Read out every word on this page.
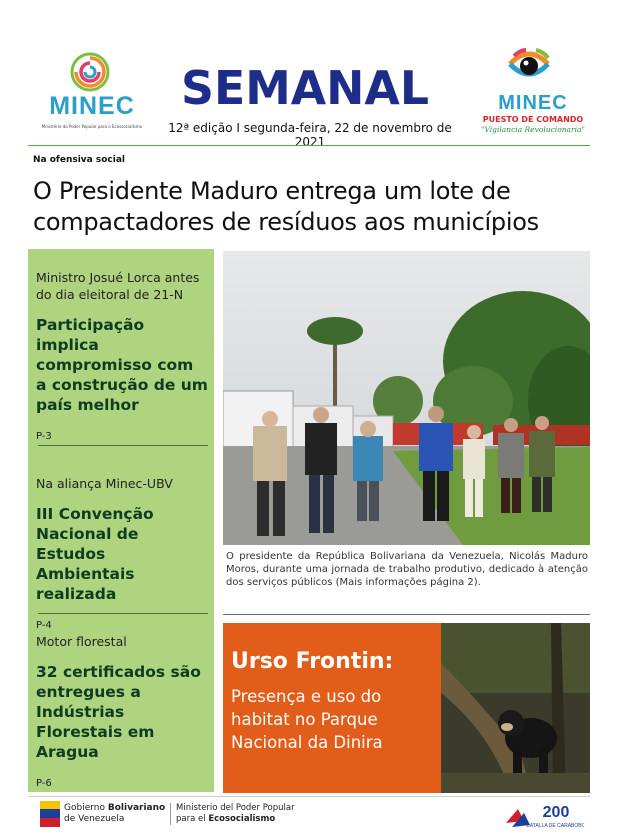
MINEC
Ministério do Poder Popular para o Ecossocialismo
SEMANAL
12ª edição I segunda-feira, 22 de novembro de 2021
MINEC
PUESTO DE COMANDO
"Vigilancia Revolucionaria"
Na ofensiva social
O Presidente Maduro entrega um lote de compactadores de resíduos aos municípios
Ministro Josué Lorca antes do dia eleitoral de 21-N
Participação implica compromisso com a construção de um país melhor
P-3
Na aliança Minec-UBV
III Convenção Nacional de Estudos Ambientais realizada
P-4
Motor florestal
32 certificados são entregues a Indústrias Florestais em Aragua
P-6

O presidente da República Bolivariana da Venezuela, Nicolás Maduro Moros, durante uma jornada de trabalho produtivo, dedicado à atenção dos serviços públicos (Mais informações página 2).

Urso Frontin:
Presença e uso do habitat no Parque Nacional da Dinira
Gobierno Bolivariano
de Venezuela
Ministerio del Poder Popular
para el Ecosocialismo	200
BATALLA DE CARABOBO
